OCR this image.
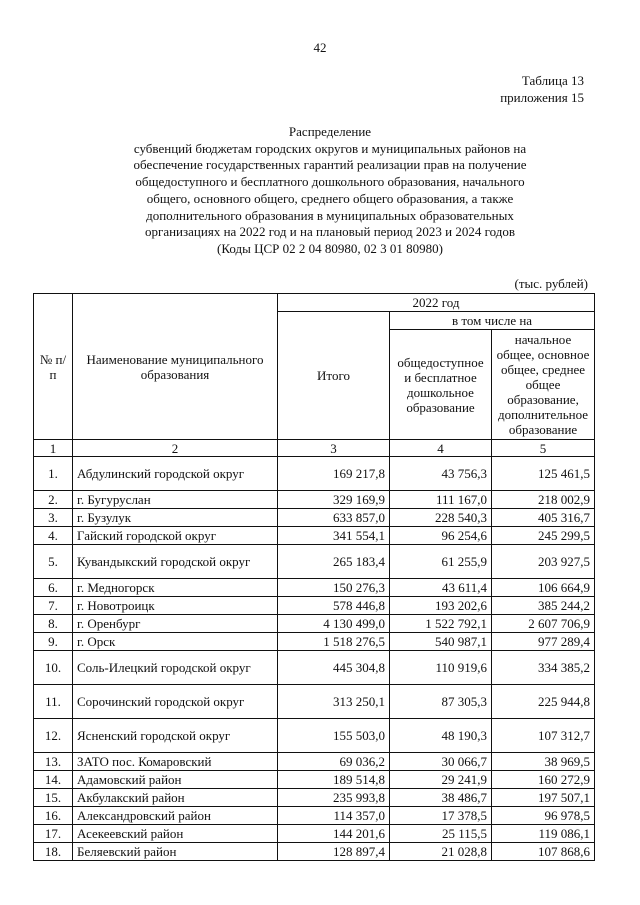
42
Таблица 13
приложения 15
Распределение
субвенций бюджетам городских округов и муниципальных районов на
обеспечение государственных гарантий реализации прав на получение
общедоступного и бесплатного дошкольного образования, начального
общего, основного общего, среднего общего образования, а также
дополнительного образования в муниципальных образовательных
организациях на 2022 год и на плановый период 2023 и 2024 годов
(Коды ЦСР 02 2 04 80980, 02 3 01 80980)
(тыс. рублей)
№ п/п	Наименование муниципального образования	2022 год		
		Итого	в том числе на	
			общедоступное и бесплатное дошкольное образование	начальное общее, основное общее, среднее общее образование, дополнительное образование
1	2	3	4	5
1.	Абдулинский городской округ	169 217,8	43 756,3	125 461,5
2.	г. Бугуруслан	329 169,9	111 167,0	218 002,9
3.	г. Бузулук	633 857,0	228 540,3	405 316,7
4.	Гайский городской округ	341 554,1	96 254,6	245 299,5
5.	Кувандыкский городской округ	265 183,4	61 255,9	203 927,5
6.	г. Медногорск	150 276,3	43 611,4	106 664,9
7.	г. Новотроицк	578 446,8	193 202,6	385 244,2
8.	г. Оренбург	4 130 499,0	1 522 792,1	2 607 706,9
9.	г. Орск	1 518 276,5	540 987,1	977 289,4
10.	Соль-Илецкий городской округ	445 304,8	110 919,6	334 385,2
11.	Сорочинский городской округ	313 250,1	87 305,3	225 944,8
12.	Ясненский городской округ	155 503,0	48 190,3	107 312,7
13.	ЗАТО пос. Комаровский	69 036,2	30 066,7	38 969,5
14.	Адамовский район	189 514,8	29 241,9	160 272,9
15.	Акбулакский район	235 993,8	38 486,7	197 507,1
16.	Александровский район	114 357,0	17 378,5	96 978,5
17.	Асекеевский район	144 201,6	25 115,5	119 086,1
18.	Беляевский район	128 897,4	21 028,8	107 868,6
